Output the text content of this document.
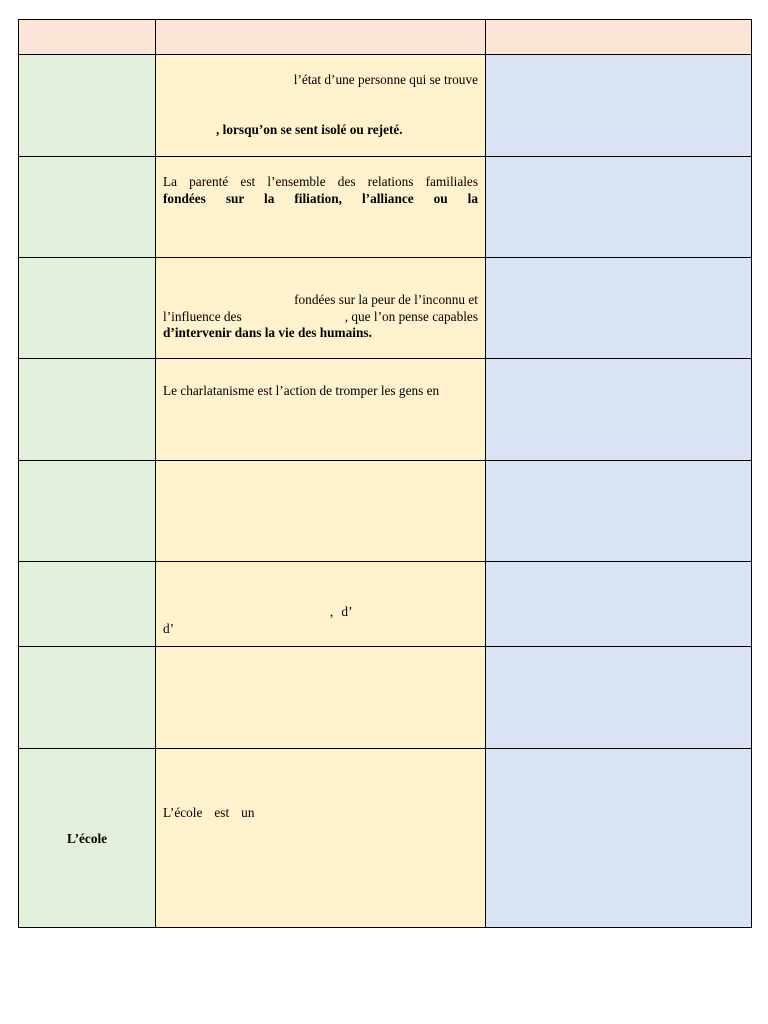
	l’état d’une personne qui se trouve
, lorsqu’on se sent isolé ou rejeté.	

	La parenté est l’ensemble des relations familiales
fondées sur la filiation, l’alliance ou la	

	fondées sur la peur de l’inconnu et
l’influence des , que l’on pense capables
d’intervenir dans la vie des humains.	

	Le charlatanisme est l’action de tromper les gens en	

	, d’
d’	

L’école	L’école est un	
